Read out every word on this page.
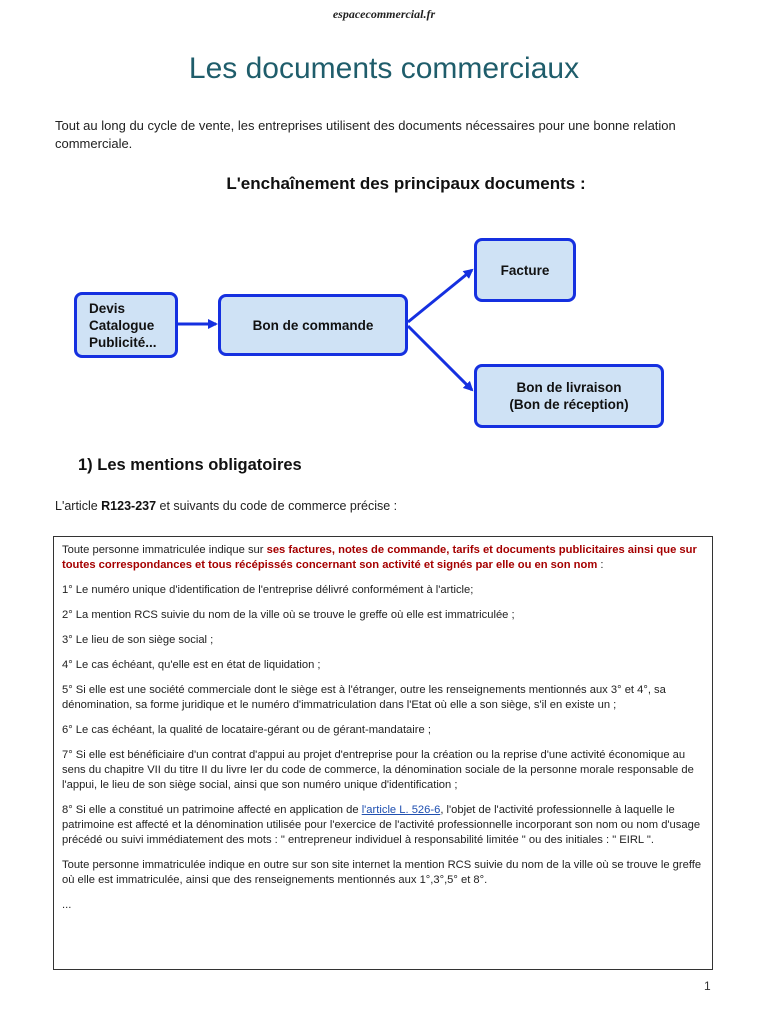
espacecommercial.fr
Les documents commerciaux

Tout au long du cycle de vente, les entreprises utilisent des documents nécessaires pour une bonne relation commerciale.

L'enchaînement des principaux documents :
Devis
Catalogue
Publicité...
Bon de commande
Facture
Bon de livraison
(Bon de réception)
1) Les mentions obligatoires

L'article R123-237 et suivants du code de commerce précise :

Toute personne immatriculée indique sur ses factures, notes de commande, tarifs et documents publicitaires ainsi que sur toutes correspondances et tous récépissés concernant son activité et signés par elle ou en son nom :

1° Le numéro unique d'identification de l'entreprise délivré conformément à l'article;

2° La mention RCS suivie du nom de la ville où se trouve le greffe où elle est immatriculée ;

3° Le lieu de son siège social ;

4° Le cas échéant, qu'elle est en état de liquidation ;

5° Si elle est une société commerciale dont le siège est à l'étranger, outre les renseignements mentionnés aux 3° et 4°, sa dénomination, sa forme juridique et le numéro d'immatriculation dans l'Etat où elle a son siège, s'il en existe un ;

6° Le cas échéant, la qualité de locataire-gérant ou de gérant-mandataire ;

7° Si elle est bénéficiaire d'un contrat d'appui au projet d'entreprise pour la création ou la reprise d'une activité économique au sens du chapitre VII du titre II du livre Ier du code de commerce, la dénomination sociale de la personne morale responsable de l'appui, le lieu de son siège social, ainsi que son numéro unique d'identification ;

8° Si elle a constitué un patrimoine affecté en application de l'article L. 526-6, l'objet de l'activité professionnelle à laquelle le patrimoine est affecté et la dénomination utilisée pour l'exercice de l'activité professionnelle incorporant son nom ou nom d'usage précédé ou suivi immédiatement des mots : " entrepreneur individuel à responsabilité limitée " ou des initiales : " EIRL ".

Toute personne immatriculée indique en outre sur son site internet la mention RCS suivie du nom de la ville où se trouve le greffe où elle est immatriculée, ainsi que des renseignements mentionnés aux 1°,3°,5° et 8°.

...

1
